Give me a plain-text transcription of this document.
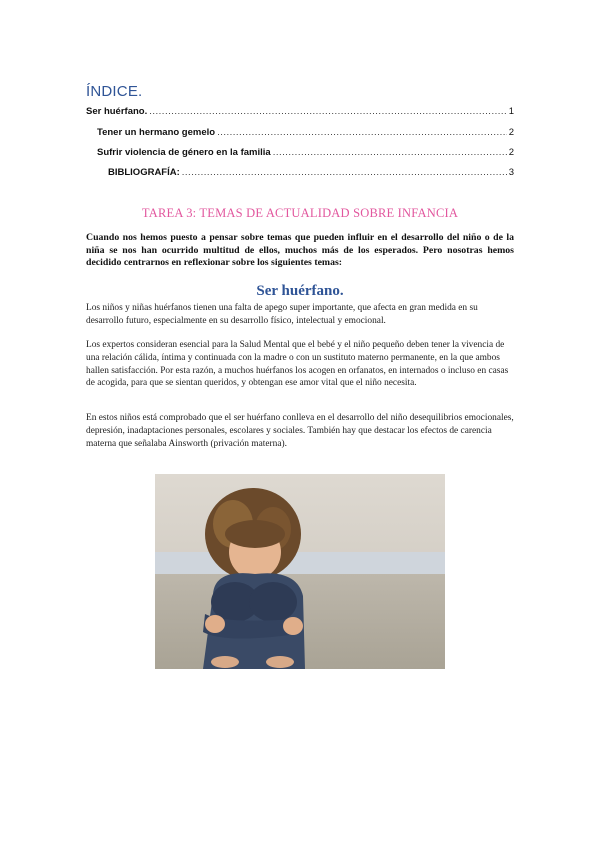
ÍNDICE.
Ser huérfano. .....	1
Tener un hermano gemelo .....	2
Sufrir violencia de género en la familia .....	2
BIBLIOGRAFÍA: .....	3
TAREA 3: TEMAS DE ACTUALIDAD SOBRE INFANCIA
Cuando nos hemos puesto a pensar sobre temas que pueden influir en el desarrollo del niño o de la niña se nos han ocurrido multitud de ellos, muchos más de los esperados. Pero nosotras hemos decidido centrarnos en reflexionar sobre los siguientes temas:
Ser huérfano.
Los niños y niñas huérfanos tienen una falta de apego super importante, que afecta en gran medida en su desarrollo futuro, especialmente en su desarrollo físico, intelectual y emocional.
Los expertos consideran esencial para la Salud Mental que el bebé y el niño pequeño deben tener la vivencia de una relación cálida, íntima y continuada con la madre o con un sustituto materno permanente, en la que ambos hallen satisfacción. Por esta razón, a muchos huérfanos los acogen en orfanatos, en internados o incluso en casas de acogida, para que se sientan queridos, y obtengan ese amor vital que el niño necesita.
En estos niños está comprobado que el ser huérfano conlleva en el desarrollo del niño desequilibrios emocionales, depresión, inadaptaciones personales, escolares y sociales. También hay que destacar los efectos de carencia materna que señalaba Ainsworth (privación materna).
